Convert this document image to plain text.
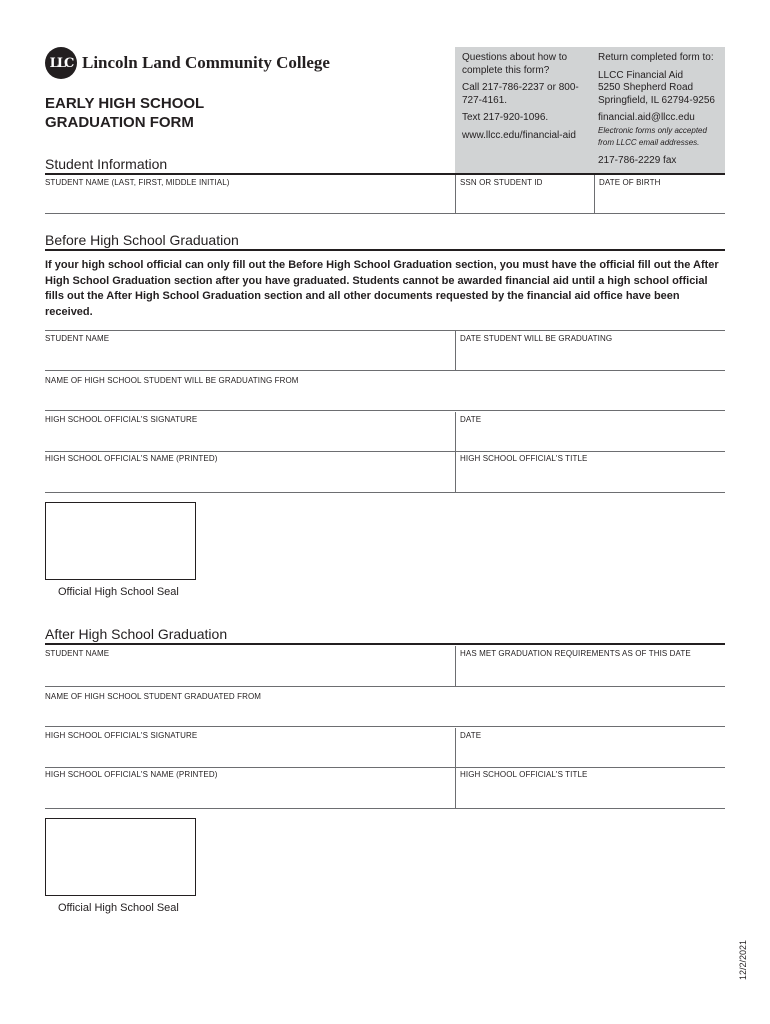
LLC Lincoln Land Community College
EARLY HIGH SCHOOL
GRADUATION FORM
Questions about how to complete this form?
Call 217-786-2237 or 800-727-4161.
Text 217-920-1096.
www.llcc.edu/financial-aid
Return completed form to:
LLCC Financial Aid
5250 Shepherd Road
Springfield, IL 62794-9256
financial.aid@llcc.edu
Electronic forms only accepted from LLCC email addresses.
217-786-2229 fax
Student Information
STUDENT NAME (LAST, FIRST, MIDDLE INITIAL)	SSN OR STUDENT ID	DATE OF BIRTH
Before High School Graduation
If your high school official can only fill out the Before High School Graduation section, you must have the official fill out the After High School Graduation section after you have graduated. Students cannot be awarded financial aid until a high school official fills out the After High School Graduation section and all other documents requested by the financial aid office have been received.
STUDENT NAME	DATE STUDENT WILL BE GRADUATING
NAME OF HIGH SCHOOL STUDENT WILL BE GRADUATING FROM
HIGH SCHOOL OFFICIAL'S SIGNATURE	DATE
HIGH SCHOOL OFFICIAL'S NAME (PRINTED)	HIGH SCHOOL OFFICIAL'S TITLE
Official High School Seal
After High School Graduation
STUDENT NAME	HAS MET GRADUATION REQUIREMENTS AS OF THIS DATE
NAME OF HIGH SCHOOL STUDENT GRADUATED FROM
HIGH SCHOOL OFFICIAL'S SIGNATURE	DATE
HIGH SCHOOL OFFICIAL'S NAME (PRINTED)	HIGH SCHOOL OFFICIAL'S TITLE
Official High School Seal
12/2/2021
